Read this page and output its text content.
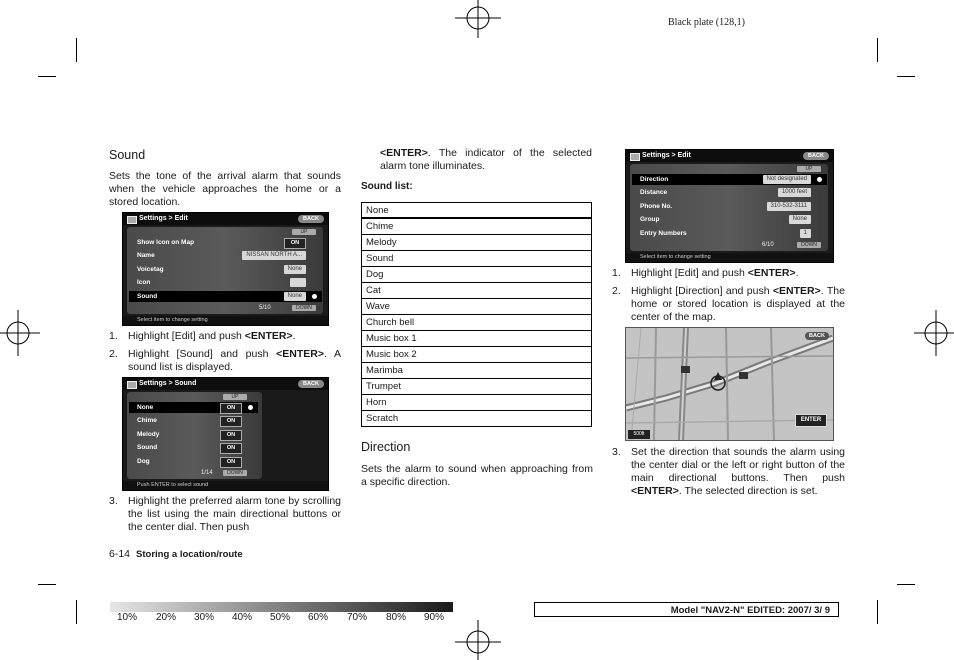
Black plate (128,1)
Sound

Sets the tone of the arrival alarm that sounds when the vehicle approaches the home or a stored location.

Settings > Edit	BACK
UP
Show Icon on Map	ON
Name	NISSAN NORTH A...
Voicetag	None
Icon
Sound	None
5/10	DOWN
Select item to change setting
1. Highlight [Edit] and push <ENTER>.
2. Highlight [Sound] and push <ENTER>. A sound list is displayed.
Settings > Sound	BACK
UP
None	ON
Chime	ON
Melody	ON
Sound	ON
Dog	ON
1/14	DOWN
Push ENTER to select sound
3. Highlight the preferred alarm tone by scrolling the list using the main directional buttons or the center dial. Then push

<ENTER>. The indicator of the selected alarm tone illuminates.

Sound list:
None
Chime
Melody
Sound
Dog
Cat
Wave
Church bell
Music box 1
Music box 2
Marimba
Trumpet
Horn
Scratch
Direction

Sets the alarm to sound when approaching from a specific direction.

Settings > Edit	BACK
UP
Direction	Not designated
Distance	1000 feet
Phone No.	310-532-3111
Group	None
Entry Numbers	1
6/10	DOWN
Select item to change setting
1. Highlight [Edit] and push <ENTER>.
2. Highlight [Direction] and push <ENTER>. The home or stored location is displayed at the center of the map.
BACK
ENTER
500ft
3. Set the direction that sounds the alarm using the center dial or the left or right button of the main directional buttons. Then push <ENTER>. The selected direction is set.
6-14 Storing a location/route
10% 20% 30% 40% 50% 60% 70% 80% 90%
Model "NAV2-N" EDITED: 2007/ 3/ 9
